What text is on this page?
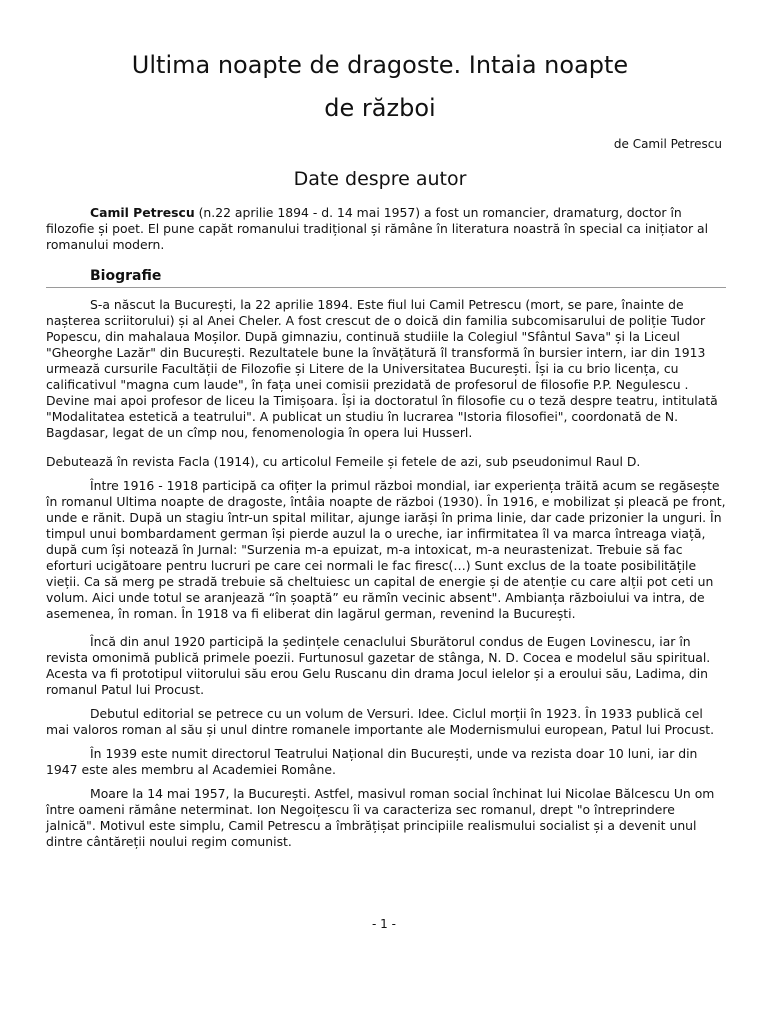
Ultima noapte de dragoste. Intaia noapte
de război
de Camil Petrescu
Date despre autor

Camil Petrescu (n.22 aprilie 1894 - d. 14 mai 1957) a fost un romancier, dramaturg, doctor în filozofie și poet. El pune capăt romanului tradițional și rămâne în literatura noastră în special ca inițiator al romanului modern.

Biografie

S-a născut la București, la 22 aprilie 1894. Este fiul lui Camil Petrescu (mort, se pare, înainte de nașterea scriitorului) și al Anei Cheler. A fost crescut de o doică din familia subcomisarului de poliție Tudor Popescu, din mahalaua Moșilor. După gimnaziu, continuă studiile la Colegiul "Sfântul Sava" și la Liceul "Gheorghe Lazăr" din București. Rezultatele bune la învățătură îl transformă în bursier intern, iar din 1913 urmează cursurile Facultății de Filozofie și Litere de la Universitatea București. Își ia cu brio licența, cu calificativul "magna cum laude", în fața unei comisii prezidată de profesorul de filosofie P.P. Negulescu . Devine mai apoi profesor de liceu la Timișoara. Își ia doctoratul în filosofie cu o teză despre teatru, intitulată "Modalitatea estetică a teatrului". A publicat un studiu în lucrarea "Istoria filosofiei", coordonată de N. Bagdasar, legat de un cîmp nou, fenomenologia în opera lui Husserl.

Debutează în revista Facla (1914), cu articolul Femeile și fetele de azi, sub pseudonimul Raul D.

Între 1916 - 1918 participă ca ofițer la primul război mondial, iar experiența trăită acum se regăsește în romanul Ultima noapte de dragoste, întâia noapte de război (1930). În 1916, e mobilizat și pleacă pe front, unde e rănit. După un stagiu într-un spital militar, ajunge iarăși în prima linie, dar cade prizonier la unguri. În timpul unui bombardament german își pierde auzul la o ureche, iar infirmitatea îl va marca întreaga viață, după cum își notează în Jurnal: "Surzenia m-a epuizat, m-a intoxicat, m-a neurastenizat. Trebuie să fac eforturi ucigătoare pentru lucruri pe care cei normali le fac firesc(…) Sunt exclus de la toate posibilitățile vieții. Ca să merg pe stradă trebuie să cheltuiesc un capital de energie și de atenție cu care alții pot ceti un volum. Aici unde totul se aranjează “în șoaptă” eu rămîn vecinic absent". Ambianța războiului va intra, de asemenea, în roman. În 1918 va fi eliberat din lagărul german, revenind la București.

Încă din anul 1920 participă la ședințele cenaclului Sburătorul condus de Eugen Lovinescu, iar în revista omonimă publică primele poezii. Furtunosul gazetar de stânga, N. D. Cocea e modelul său spiritual. Acesta va fi prototipul viitorului său erou Gelu Ruscanu din drama Jocul ielelor și a eroului său, Ladima, din romanul Patul lui Procust.

Debutul editorial se petrece cu un volum de Versuri. Idee. Ciclul morții în 1923. În 1933 publică cel mai valoros roman al său și unul dintre romanele importante ale Modernismului european, Patul lui Procust.

În 1939 este numit directorul Teatrului Național din București, unde va rezista doar 10 luni, iar din 1947 este ales membru al Academiei Române.

Moare la 14 mai 1957, la București. Astfel, masivul roman social închinat lui Nicolae Bălcescu Un om între oameni rămâne neterminat. Ion Negoițescu îi va caracteriza sec romanul, drept "o întreprindere jalnică". Motivul este simplu, Camil Petrescu a îmbrățișat principiile realismului socialist și a devenit unul dintre cântăreții noului regim comunist.

- 1 -
